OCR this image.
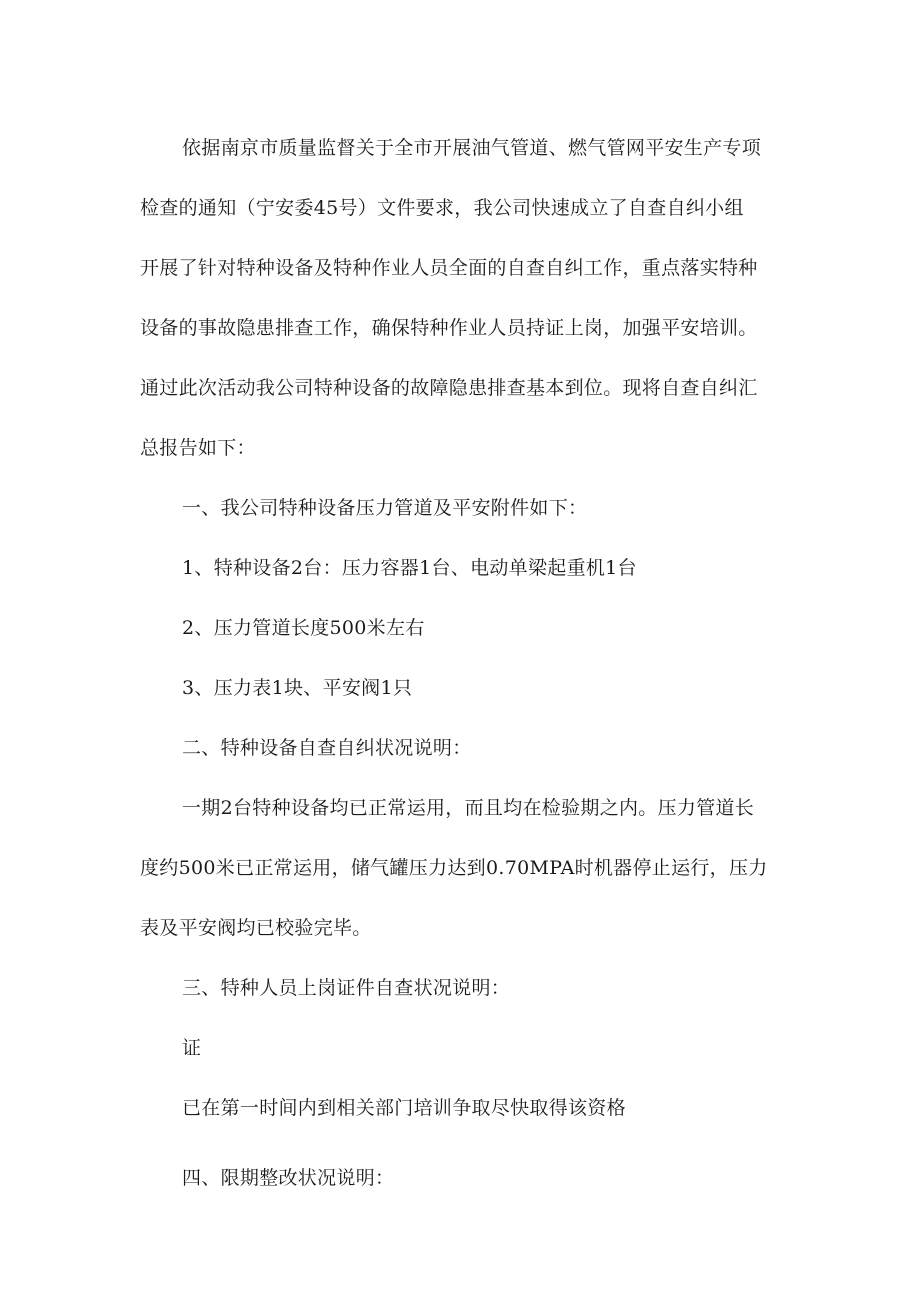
依据南京市质量监督关于全市开展油气管道、燃气管网平安生产专项
检查的通知（宁安委45号）文件要求，我公司快速成立了自查自纠小组
开展了针对特种设备及特种作业人员全面的自查自纠工作，重点落实特种
设备的事故隐患排查工作，确保特种作业人员持证上岗，加强平安培训。
通过此次活动我公司特种设备的故障隐患排查基本到位。现将自查自纠汇
总报告如下：
一、我公司特种设备压力管道及平安附件如下：
1、特种设备2台：压力容器1台、电动单梁起重机1台
2、压力管道长度500米左右
3、压力表1块、平安阀1只
二、特种设备自查自纠状况说明：
一期2台特种设备均已正常运用，而且均在检验期之内。压力管道长
度约500米已正常运用，储气罐压力达到0.70MPA时机器停止运行，压力
表及平安阀均已校验完毕。
三、特种人员上岗证件自查状况说明：
证
已在第一时间内到相关部门培训争取尽快取得该资格
四、限期整改状况说明：
